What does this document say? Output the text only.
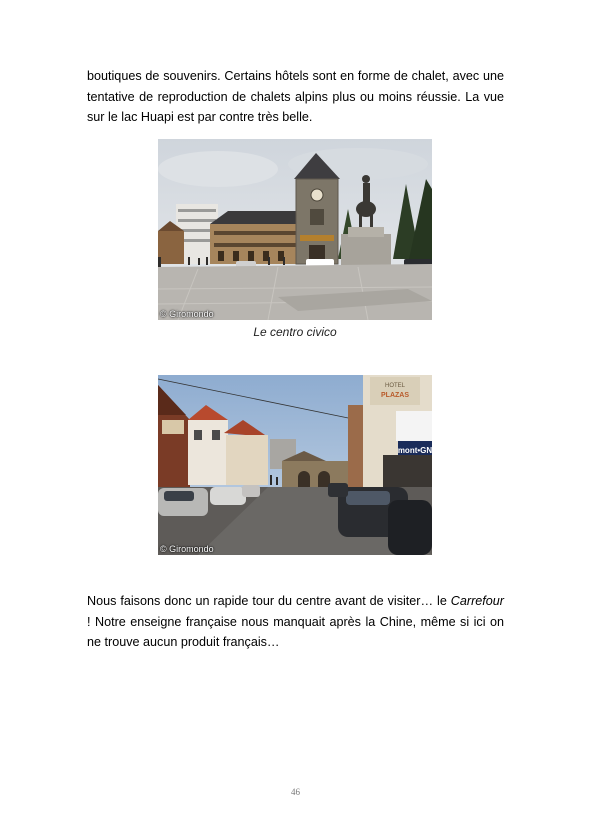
boutiques de souvenirs. Certains hôtels sont en forme de chalet, avec une tentative de reproduction de chalets alpins plus ou moins réussie. La vue sur le lac Huapi est par contre très belle.

© Giromondo
Le centro civico
HOTEL
PLAZAS
mont•GN
© Giromondo

Nous faisons donc un rapide tour du centre avant de visiter… le Carrefour ! Notre enseigne française nous manquait après la Chine, même si ici on ne trouve aucun produit français…

46
